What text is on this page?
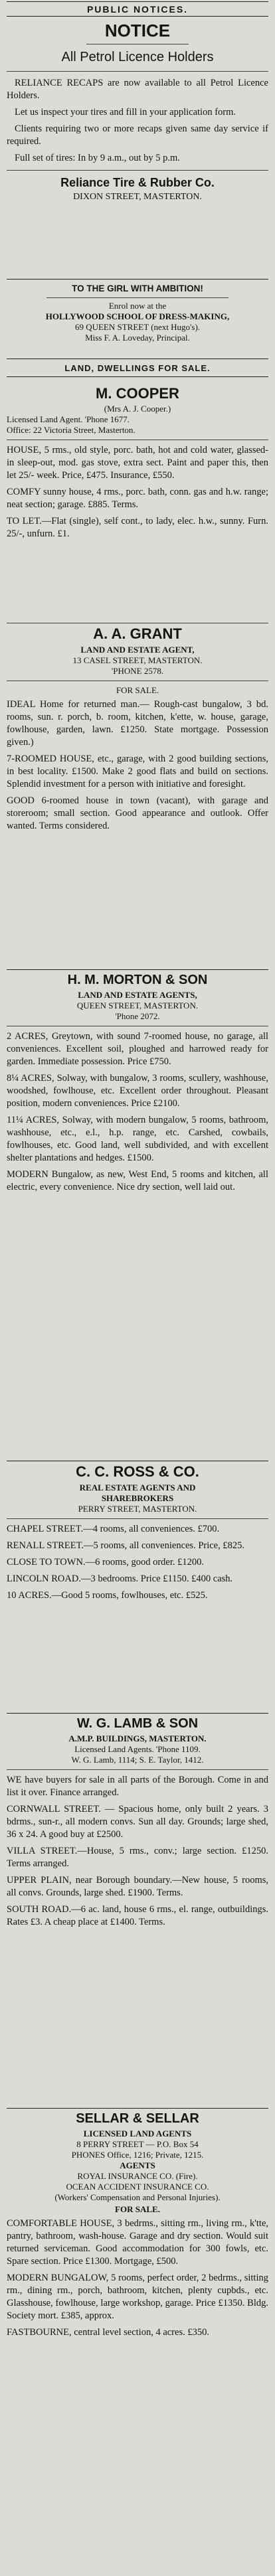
PUBLIC NOTICES.
NOTICE
All Petrol Licence Holders

RELIANCE RECAPS are now available to all Petrol Licence Holders.

Let us inspect your tires and fill in your application form.

Clients requiring two or more recaps given same day service if required.

Full set of tires: In by 9 a.m., out by 5 p.m.

Reliance Tire & Rubber Co.
DIXON STREET, MASTERTON.
TO THE GIRL WITH AMBITION!
Enrol now at the
HOLLYWOOD SCHOOL OF DRESS-MAKING,
69 QUEEN STREET (next Hugo's).
Miss F. A. Loveday, Principal.
LAND, DWELLINGS FOR SALE.
M. COOPER
(Mrs A. J. Cooper.)
Licensed Land Agent. 'Phone 1677.
Office: 22 Victoria Street, Masterton.

HOUSE, 5 rms., old style, porc. bath, hot and cold water, glassed-in sleep-out, mod. gas stove, extra sect. Paint and paper this, then let 25/- week. Price, £475. Insurance, £550.

COMFY sunny house, 4 rms., porc. bath, conn. gas and h.w. range; neat section; garage. £885. Terms.

TO LET.—Flat (single), self cont., to lady, elec. h.w., sunny. Furn. 25/-, unfurn. £1.

A. A. GRANT
LAND AND ESTATE AGENT,
13 CASEL STREET, MASTERTON.
'PHONE 2578.
FOR SALE.

IDEAL Home for returned man.— Rough-cast bungalow, 3 bd. rooms, sun. r. porch, b. room, kitchen, k'ette, w. house, garage, fowlhouse, garden, lawn. £1250. State mortgage. Possession given.)

7-ROOMED HOUSE, etc., garage, with 2 good building sections, in best locality. £1500. Make 2 good flats and build on sections. Splendid investment for a person with initiative and foresight.

GOOD 6-roomed house in town (vacant), with garage and storeroom; small section. Good appearance and outlook. Offer wanted. Terms considered.

H. M. MORTON & SON
LAND AND ESTATE AGENTS,
QUEEN STREET, MASTERTON.
'Phone 2072.

2 ACRES, Greytown, with sound 7-roomed house, no garage, all conveniences. Excellent soil, ploughed and harrowed ready for garden. Immediate possession. Price £750.

8¼ ACRES, Solway, with bungalow, 3 rooms, scullery, washhouse, woodshed, fowlhouse, etc. Excellent order throughout. Pleasant position, modern conveniences. Price £2100.

11¼ ACRES, Solway, with modern bungalow, 5 rooms, bathroom, washhouse, etc., e.l., h.p. range, etc. Carshed, cowbails, fowlhouses, etc. Good land, well subdivided, and with excellent shelter plantations and hedges. £1500.

MODERN Bungalow, as new, West End, 5 rooms and kitchen, all electric, every convenience. Nice dry section, well laid out.

C. C. ROSS & CO.
REAL ESTATE AGENTS AND
SHAREBROKERS
PERRY STREET, MASTERTON.

CHAPEL STREET.—4 rooms, all conveniences. £700.

RENALL STREET.—5 rooms, all conveniences. Price, £825.

CLOSE TO TOWN.—6 rooms, good order. £1200.

LINCOLN ROAD.—3 bedrooms. Price £1150. £400 cash.

10 ACRES.—Good 5 rooms, fowlhouses, etc. £525.

W. G. LAMB & SON
A.M.P. BUILDINGS, MASTERTON.
Licensed Land Agents. 'Phone 1109.
W. G. Lamb, 1114; S. E. Taylor, 1412.

WE have buyers for sale in all parts of the Borough. Come in and list it over. Finance arranged.

CORNWALL STREET. — Spacious home, only built 2 years. 3 bdrms., sun-r., all modern convs. Sun all day. Grounds; large shed, 36 x 24. A good buy at £2500.

VILLA STREET.—House, 5 rms., conv.; large section. £1250. Terms arranged.

UPPER PLAIN, near Borough boundary.—New house, 5 rooms, all convs. Grounds, large shed. £1900. Terms.

SOUTH ROAD.—6 ac. land, house 6 rms., el. range, outbuildings. Rates £3. A cheap place at £1400. Terms.

SELLAR & SELLAR
LICENSED LAND AGENTS
8 PERRY STREET — P.O. Box 54
PHONES Office, 1216; Private, 1215.
AGENTS
ROYAL INSURANCE CO. (Fire).
OCEAN ACCIDENT INSURANCE CO.
(Workers' Compensation and Personal Injuries).
FOR SALE.

COMFORTABLE HOUSE, 3 bedrms., sitting rm., living rm., k'tte, pantry, bathroom, wash-house. Garage and dry section. Would suit returned serviceman. Good accommodation for 300 fowls, etc. Spare section. Price £1300. Mortgage, £500.

MODERN BUNGALOW, 5 rooms, perfect order, 2 bedrms., sitting rm., dining rm., porch, bathroom, kitchen, plenty cupbds., etc. Glasshouse, fowlhouse, large workshop, garage. Price £1350. Bldg. Society mort. £385, approx.

FASTBOURNE, central level section, 4 acres. £350.
